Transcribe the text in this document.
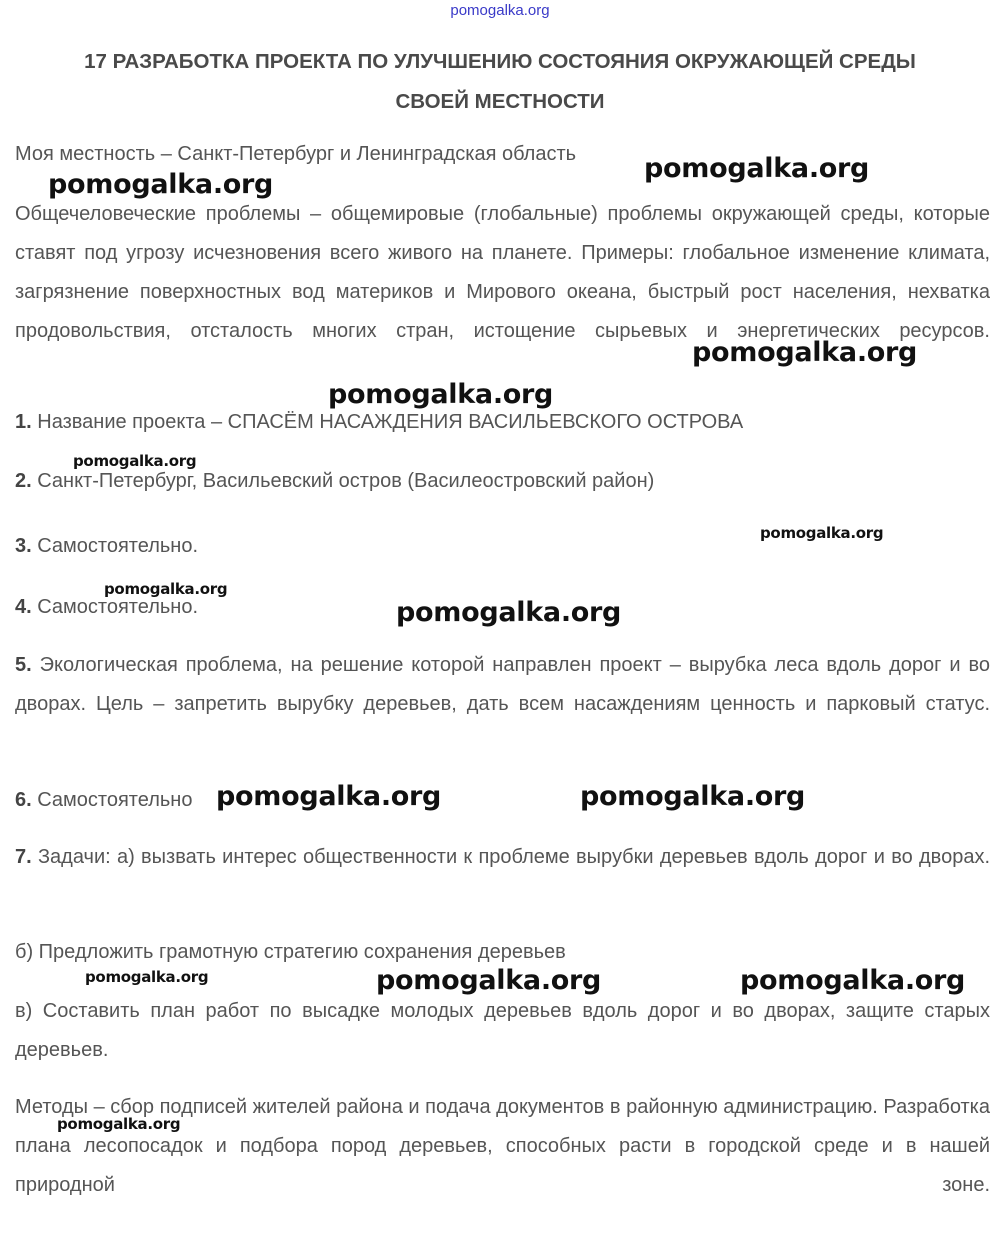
pomogalka.org
17 РАЗРАБОТКА ПРОЕКТА ПО УЛУЧШЕНИЮ СОСТОЯНИЯ ОКРУЖАЮЩЕЙ СРЕДЫ
СВОЕЙ МЕСТНОСТИ
Моя местность – Санкт-Петербург и Ленинградская область
Общечеловеческие проблемы – общемировые (глобальные) проблемы окружающей среды, которые ставят под угрозу исчезновения всего живого на планете. Примеры: глобальное изменение климата, загрязнение поверхностных вод материков и Мирового океана, быстрый рост населения, нехватка продовольствия, отсталость многих стран, истощение сырьевых и энергетических ресурсов.
1. Название проекта – СПАСЁМ НАСАЖДЕНИЯ ВАСИЛЬЕВСКОГО ОСТРОВА
2. Санкт-Петербург, Васильевский остров (Василеостровский район)
3. Самостоятельно.
4. Самостоятельно.
5. Экологическая проблема, на решение которой направлен проект – вырубка леса вдоль дорог и во дворах. Цель – запретить вырубку деревьев, дать всем насаждениям ценность и парковый статус.
6. Самостоятельно
7. Задачи: а) вызвать интерес общественности к проблеме вырубки деревьев вдоль дорог и во дворах.
б) Предложить грамотную стратегию сохранения деревьев
в) Составить план работ по высадке молодых деревьев вдоль дорог и во дворах, защите старых деревьев.
Методы – сбор подписей жителей района и подача документов в районную администрацию. Разработка плана лесопосадок и подбора пород деревьев, способных расти в городской среде и в нашей природной зоне.
pomogalka.org
pomogalka.org
pomogalka.org
pomogalka.org
pomogalka.org
pomogalka.org
pomogalka.org
pomogalka.org
pomogalka.org	pomogalka.org
pomogalka.org	pomogalka.org	pomogalka.org
pomogalka.org
